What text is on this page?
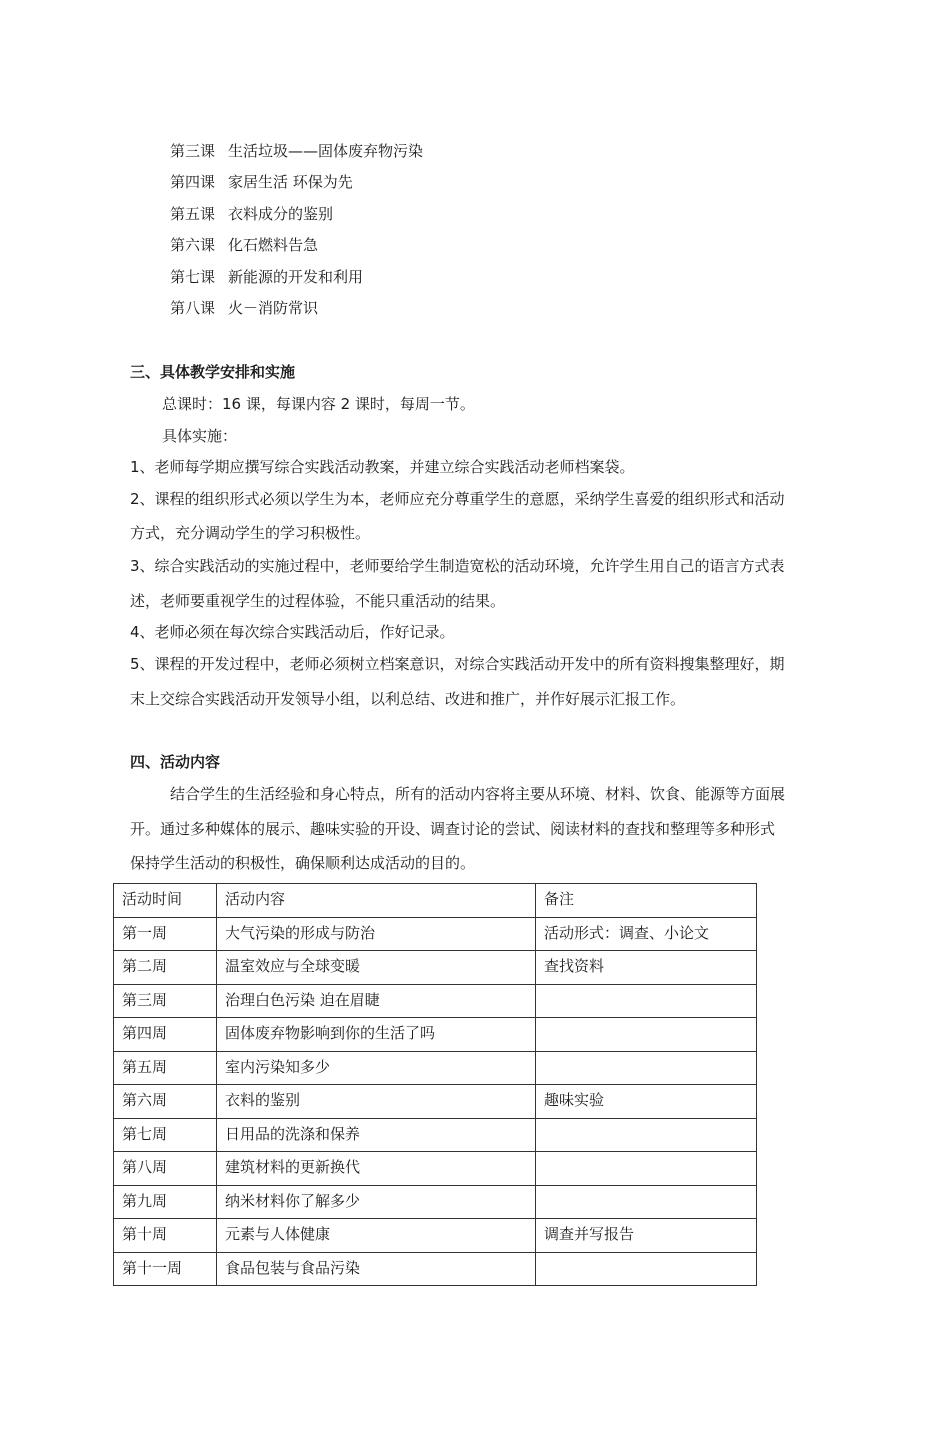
第三课 生活垃圾——固体废弃物污染
第四课 家居生活 环保为先
第五课 衣料成分的鉴别
第六课 化石燃料告急
第七课 新能源的开发和利用
第八课 火－消防常识
三、具体教学安排和实施
总课时：16 课，每课内容 2 课时，每周一节。
具体实施：
1、老师每学期应撰写综合实践活动教案，并建立综合实践活动老师档案袋。
2、课程的组织形式必须以学生为本，老师应充分尊重学生的意愿，采纳学生喜爱的组织形式和活动
方式，充分调动学生的学习积极性。
3、综合实践活动的实施过程中，老师要给学生制造宽松的活动环境，允许学生用自己的语言方式表
述，老师要重视学生的过程体验，不能只重活动的结果。
4、老师必须在每次综合实践活动后，作好记录。
5、课程的开发过程中，老师必须树立档案意识，对综合实践活动开发中的所有资料搜集整理好，期
末上交综合实践活动开发领导小组，以利总结、改进和推广，并作好展示汇报工作。
四、活动内容
结合学生的生活经验和身心特点，所有的活动内容将主要从环境、材料、饮食、能源等方面展
开。通过多种媒体的展示、趣味实验的开设、调查讨论的尝试、阅读材料的查找和整理等多种形式
保持学生活动的积极性，确保顺利达成活动的目的。
活动时间	活动内容	备注
第一周	大气污染的形成与防治	活动形式：调查、小论文
第二周	温室效应与全球变暖	查找资料
第三周	治理白色污染 迫在眉睫	
第四周	固体废弃物影响到你的生活了吗	
第五周	室内污染知多少	
第六周	衣料的鉴别	趣味实验
第七周	日用品的洗涤和保养	
第八周	建筑材料的更新换代	
第九周	纳米材料你了解多少	
第十周	元素与人体健康	调查并写报告
第十一周	食品包装与食品污染	
